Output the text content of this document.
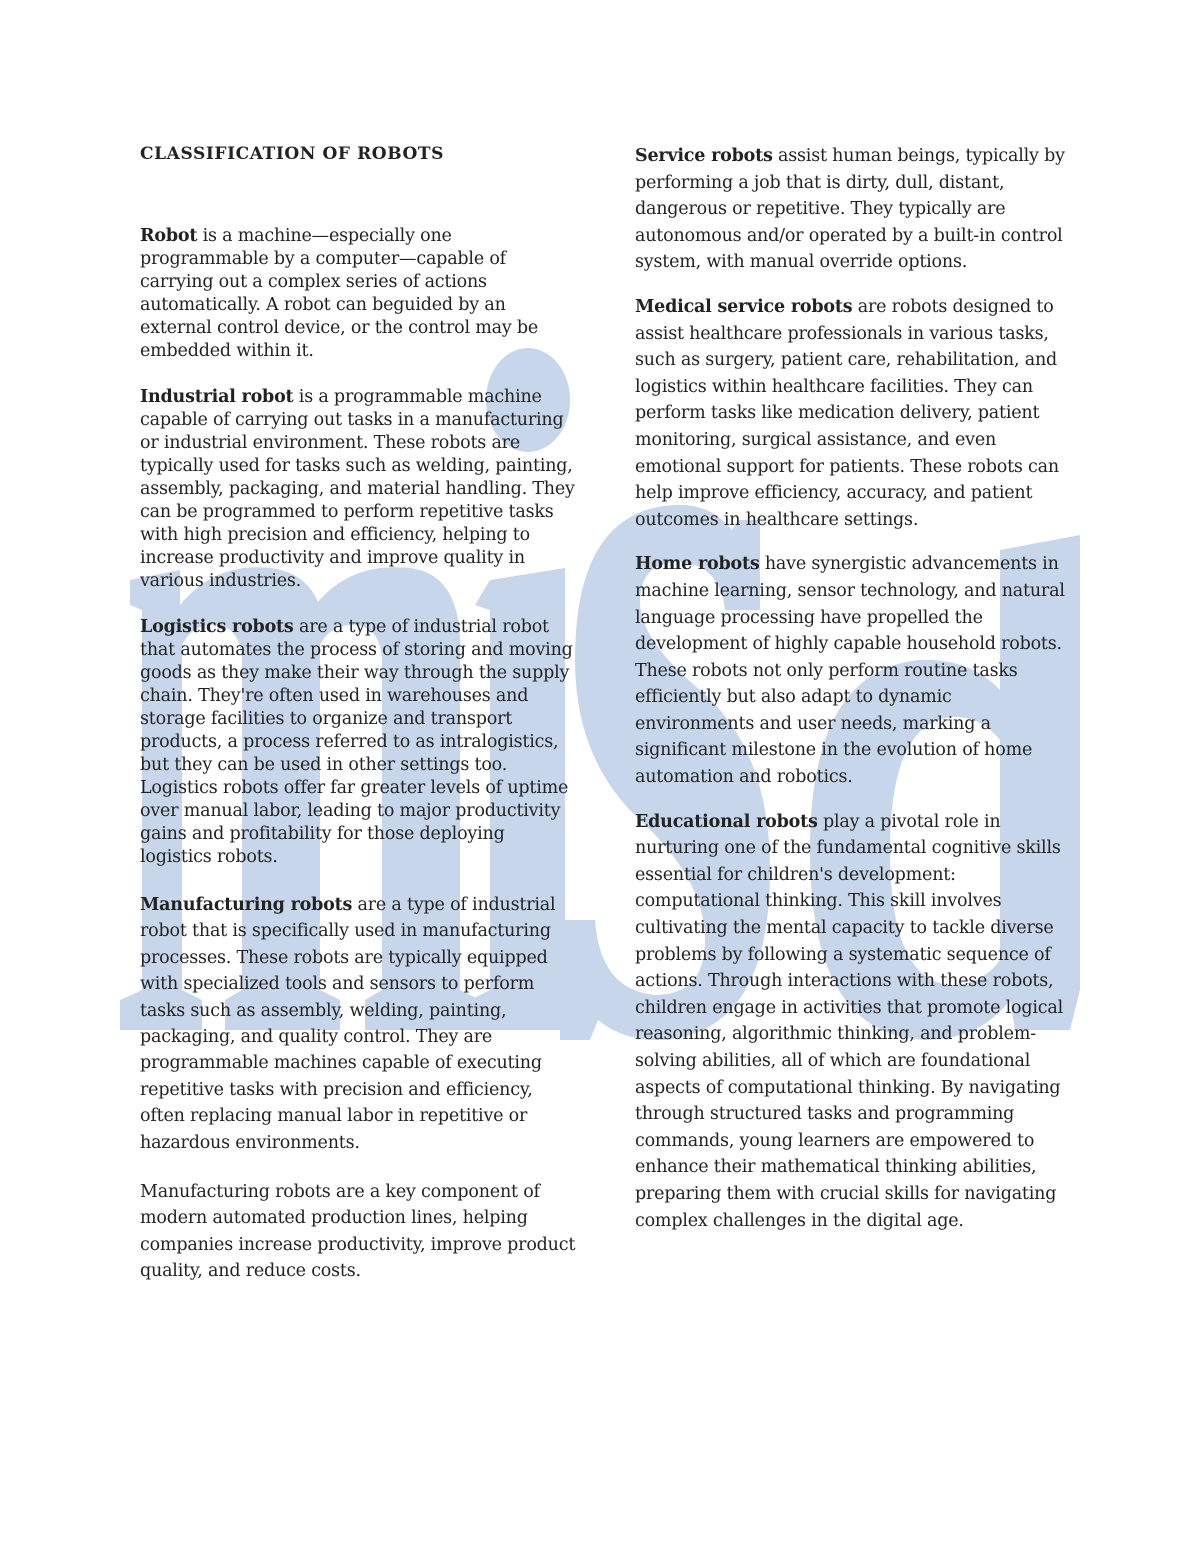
CLASSIFICATION OF ROBOTS

Robot is a machine—especially one programmable by a computer—capable of carrying out a complex series of actions automatically. A robot can beguided by an external control device, or the control may be embedded within it.

Industrial robot is a programmable machine capable of carrying out tasks in a manufacturing or industrial environment. These robots are typically used for tasks such as welding, painting, assembly, packaging, and material handling. They can be programmed to perform repetitive tasks with high precision and efficiency, helping to increase productivity and improve quality in various industries.

Logistics robots are a type of industrial robot that automates the process of storing and moving goods as they make their way through the supply chain. They're often used in warehouses and storage facilities to organize and transport products, a process referred to as intralogistics, but they can be used in other settings too. Logistics robots offer far greater levels of uptime over manual labor, leading to major productivity gains and profitability for those deploying logistics robots.

Manufacturing robots are a type of industrial robot that is specifically used in manufacturing processes. These robots are typically equipped with specialized tools and sensors to perform tasks such as assembly, welding, painting, packaging, and quality control. They are programmable machines capable of executing repetitive tasks with precision and efficiency, often replacing manual labor in repetitive or hazardous environments.

Manufacturing robots are a key component of modern automated production lines, helping companies increase productivity, improve product quality, and reduce costs.

Service robots assist human beings, typically by performing a job that is dirty, dull, distant, dangerous or repetitive. They typically are autonomous and/or operated by a built-in control system, with manual override options.

Medical service robots are robots designed to assist healthcare professionals in various tasks, such as surgery, patient care, rehabilitation, and logistics within healthcare facilities. They can perform tasks like medication delivery, patient monitoring, surgical assistance, and even emotional support for patients. These robots can help improve efficiency, accuracy, and patient outcomes in healthcare settings.

Home robots have synergistic advancements in machine learning, sensor technology, and natural language processing have propelled the development of highly capable household robots. These robots not only perform routine tasks efficiently but also adapt to dynamic environments and user needs, marking a significant milestone in the evolution of home automation and robotics.

Educational robots play a pivotal role in nurturing one of the fundamental cognitive skills essential for children's development: computational thinking. This skill involves cultivating the mental capacity to tackle diverse problems by following a systematic sequence of actions. Through interactions with these robots, children engage in activities that promote logical reasoning, algorithmic thinking, and problem-solving abilities, all of which are foundational aspects of computational thinking. By navigating through structured tasks and programming commands, young learners are empowered to enhance their mathematical thinking abilities, preparing them with crucial skills for navigating complex challenges in the digital age.
